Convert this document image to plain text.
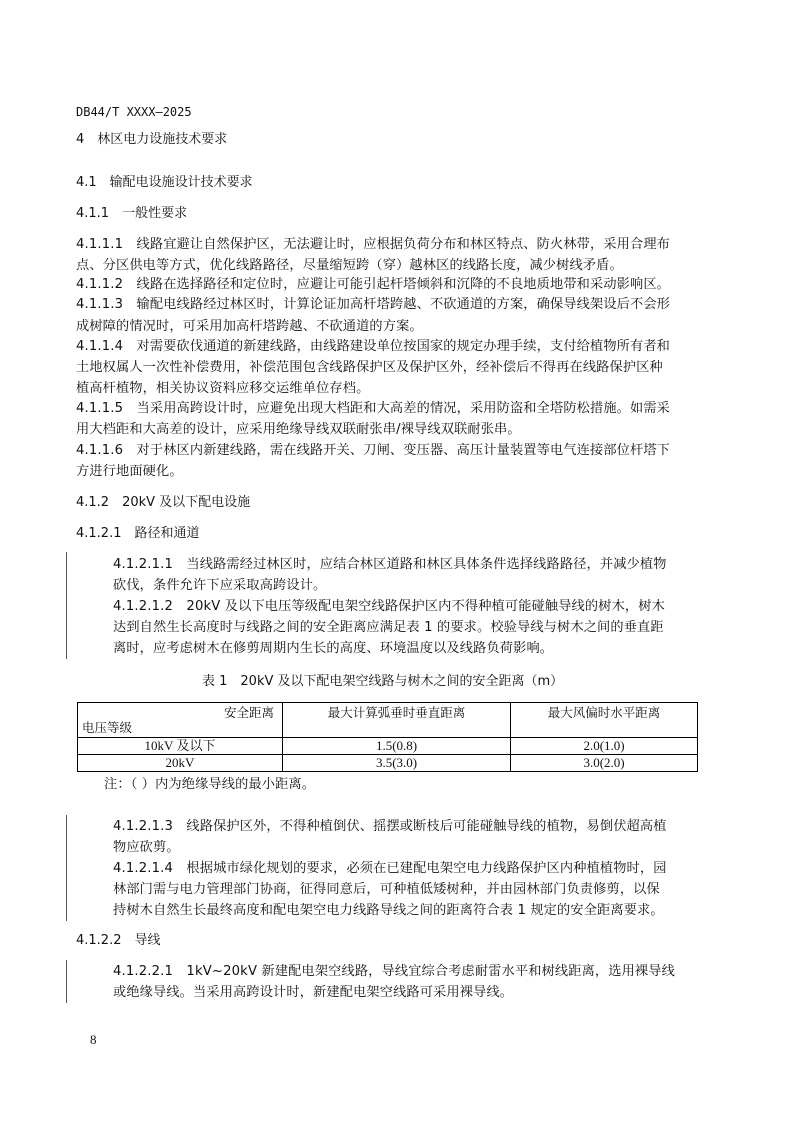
DB44/T XXXX—2025
4　林区电力设施技术要求
4.1　输配电设施设计技术要求
4.1.1　一般性要求
4.1.1.1　线路宜避让自然保护区，无法避让时，应根据负荷分布和林区特点、防火林带，采用合理布
点、分区供电等方式，优化线路路径，尽量缩短跨（穿）越林区的线路长度，减少树线矛盾。
4.1.1.2　线路在选择路径和定位时，应避让可能引起杆塔倾斜和沉降的不良地质地带和采动影响区。
4.1.1.3　输配电线路经过林区时，计算论证加高杆塔跨越、不砍通道的方案，确保导线架设后不会形
成树障的情况时，可采用加高杆塔跨越、不砍通道的方案。
4.1.1.4　对需要砍伐通道的新建线路，由线路建设单位按国家的规定办理手续，支付给植物所有者和
土地权属人一次性补偿费用，补偿范围包含线路保护区及保护区外，经补偿后不得再在线路保护区种
植高杆植物，相关协议资料应移交运维单位存档。
4.1.1.5　当采用高跨设计时，应避免出现大档距和大高差的情况，采用防盗和全塔防松措施。如需采
用大档距和大高差的设计，应采用绝缘导线双联耐张串/裸导线双联耐张串。
4.1.1.6　对于林区内新建线路，需在线路开关、刀闸、变压器、高压计量装置等电气连接部位杆塔下
方进行地面硬化。
4.1.2　20kV 及以下配电设施
4.1.2.1　路径和通道
4.1.2.1.1　当线路需经过林区时，应结合林区道路和林区具体条件选择线路路径，并减少植物
砍伐，条件允许下应采取高跨设计。
4.1.2.1.2　20kV 及以下电压等级配电架空线路保护区内不得种植可能碰触导线的树木，树木
达到自然生长高度时与线路之间的安全距离应满足表 1 的要求。校验导线与树木之间的垂直距
离时，应考虑树木在修剪周期内生长的高度、环境温度以及线路负荷影响。
表 1　20kV 及以下配电架空线路与树木之间的安全距离（m）
安全距离
电压等级	最大计算弧垂时垂直距离	最大风偏时水平距离
10kV 及以下	1.5(0.8)	2.0(1.0)
20kV	3.5(3.0)	3.0(2.0)
注：（ ）内为绝缘导线的最小距离。
4.1.2.1.3　线路保护区外，不得种植倒伏、摇摆或断枝后可能碰触导线的植物，易倒伏超高植
物应砍剪。
4.1.2.1.4　根据城市绿化规划的要求，必须在已建配电架空电力线路保护区内种植植物时，园
林部门需与电力管理部门协商，征得同意后，可种植低矮树种，并由园林部门负责修剪，以保
持树木自然生长最终高度和配电架空电力线路导线之间的距离符合表 1 规定的安全距离要求。
4.1.2.2　导线
4.1.2.2.1　1kV~20kV 新建配电架空线路，导线宜综合考虑耐雷水平和树线距离，选用裸导线
或绝缘导线。当采用高跨设计时，新建配电架空线路可采用裸导线。
8
